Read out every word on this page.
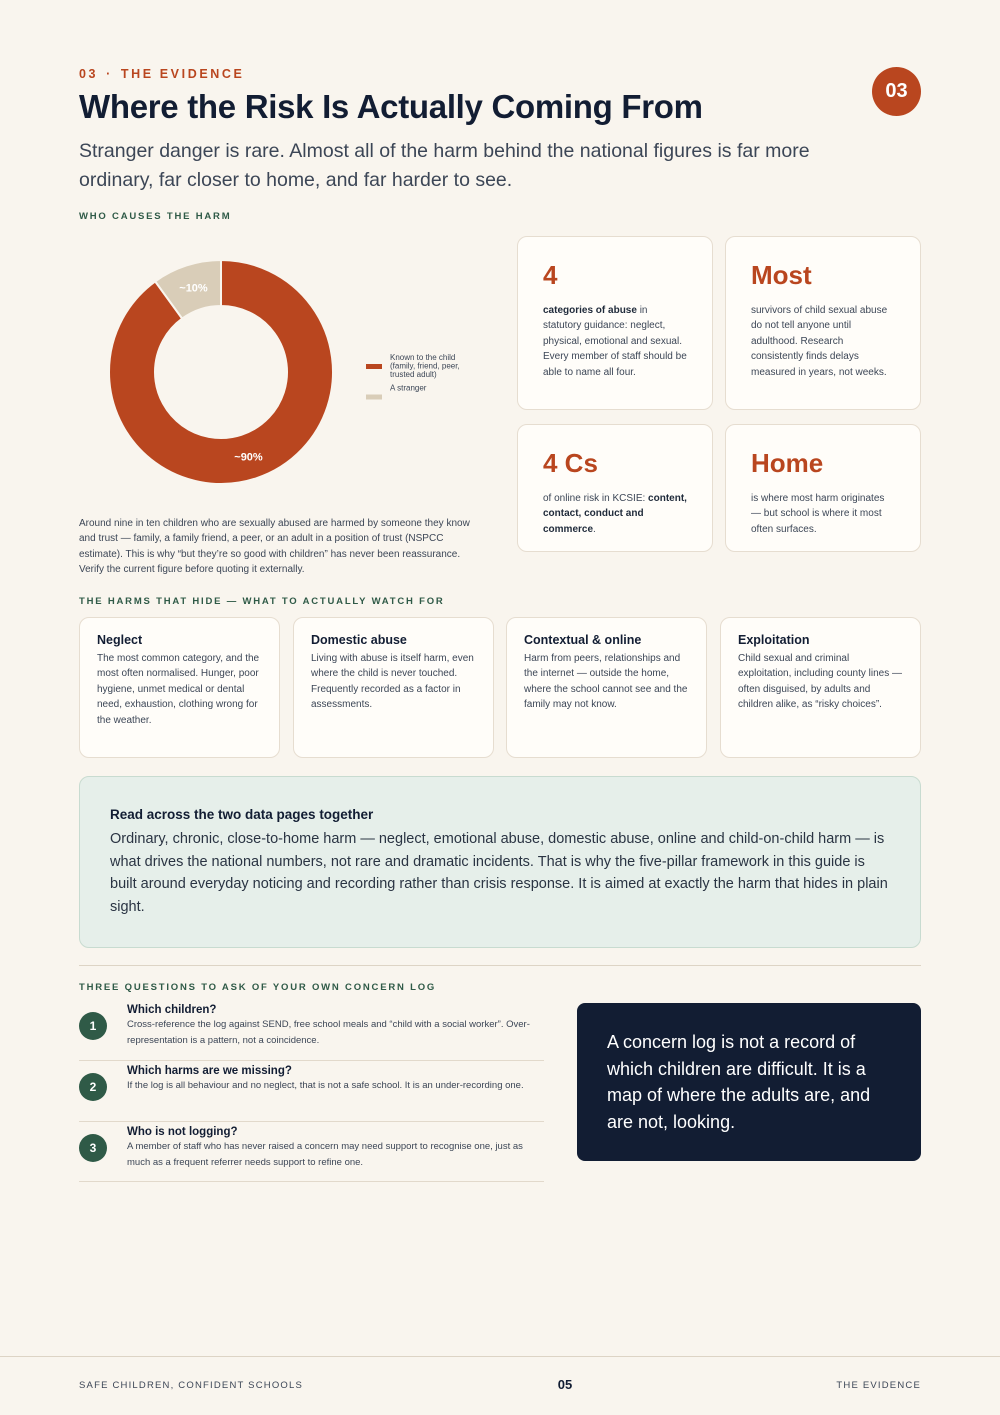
03 · THE EVIDENCE
03
Where the Risk Is Actually Coming From

Stranger danger is rare. Almost all of the harm behind the national figures is far more ordinary, far closer to home, and far harder to see.

WHO CAUSES THE HARM
~90%
~10%
Known to the child (family, friend, peer, trusted adult)
A stranger

Around nine in ten children who are sexually abused are harmed by someone they know and trust — family, a family friend, a peer, or an adult in a position of trust (NSPCC estimate). This is why “but they’re so good with children” has never been reassurance. Verify the current figure before quoting it externally.

4

categories of abuse in statutory guidance: neglect, physical, emotional and sexual. Every member of staff should be able to name all four.

Most

survivors of child sexual abuse do not tell anyone until adulthood. Research consistently finds delays measured in years, not weeks.

4 Cs

of online risk in KCSIE: content, contact, conduct and commerce.

Home

is where most harm originates — but school is where it most often surfaces.

THE HARMS THAT HIDE — WHAT TO ACTUALLY WATCH FOR
Neglect

The most common category, and the most often normalised. Hunger, poor hygiene, unmet medical or dental need, exhaustion, clothing wrong for the weather.

Domestic abuse

Living with abuse is itself harm, even where the child is never touched. Frequently recorded as a factor in assessments.

Contextual & online

Harm from peers, relationships and the internet — outside the home, where the school cannot see and the family may not know.

Exploitation

Child sexual and criminal exploitation, including county lines — often disguised, by adults and children alike, as “risky choices”.

Read across the two data pages together

Ordinary, chronic, close-to-home harm — neglect, emotional abuse, domestic abuse, online and child-on-child harm — is what drives the national numbers, not rare and dramatic incidents. That is why the five-pillar framework in this guide is built around everyday noticing and recording rather than crisis response. It is aimed at exactly the harm that hides in plain sight.

THREE QUESTIONS TO ASK OF YOUR OWN CONCERN LOG
1
Which children?

Cross-reference the log against SEND, free school meals and “child with a social worker”. Over-representation is a pattern, not a coincidence.

2
Which harms are we missing?

If the log is all behaviour and no neglect, that is not a safe school. It is an under-recording one.

3
Who is not logging?

A member of staff who has never raised a concern may need support to recognise one, just as much as a frequent referrer needs support to refine one.

A concern log is not a record of which children are difficult. It is a map of where the adults are, and are not, looking.
SAFE CHILDREN, CONFIDENT SCHOOLS	05	THE EVIDENCE
